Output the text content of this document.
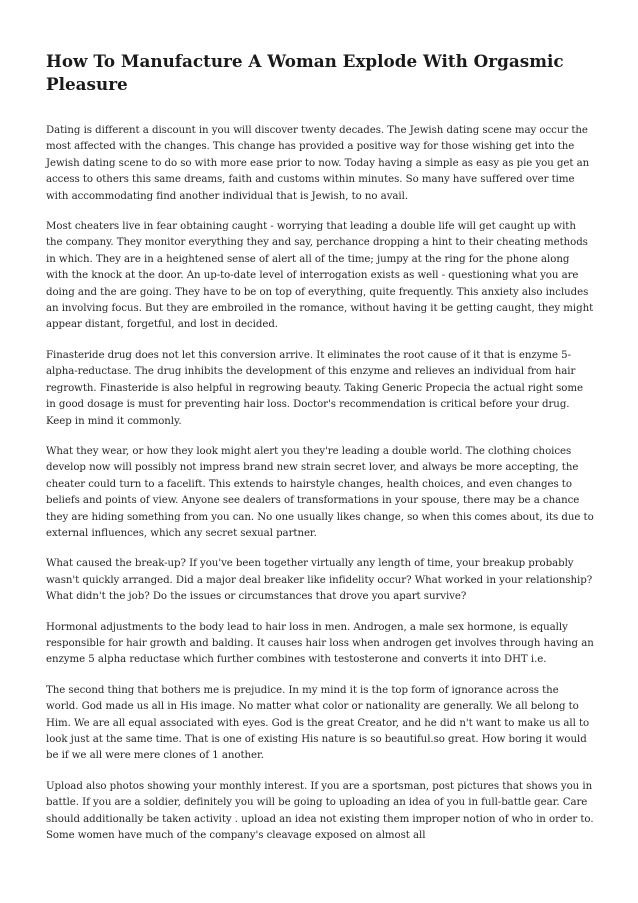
How To Manufacture A Woman Explode With Orgasmic Pleasure

Dating is different a discount in you will discover twenty decades. The Jewish dating scene may occur the most affected with the changes. This change has provided a positive way for those wishing get into the Jewish dating scene to do so with more ease prior to now. Today having a simple as easy as pie you get an access to others this same dreams, faith and customs within minutes. So many have suffered over time with accommodating find another individual that is Jewish, to no avail.

Most cheaters live in fear obtaining caught - worrying that leading a double life will get caught up with the company. They monitor everything they and say, perchance dropping a hint to their cheating methods in which. They are in a heightened sense of alert all of the time; jumpy at the ring for the phone along with the knock at the door. An up-to-date level of interrogation exists as well - questioning what you are doing and the are going. They have to be on top of everything, quite frequently. This anxiety also includes an involving focus. But they are embroiled in the romance, without having it be getting caught, they might appear distant, forgetful, and lost in decided.

Finasteride drug does not let this conversion arrive. It eliminates the root cause of it that is enzyme 5-alpha-reductase. The drug inhibits the development of this enzyme and relieves an individual from hair regrowth. Finasteride is also helpful in regrowing beauty. Taking Generic Propecia the actual right some in good dosage is must for preventing hair loss. Doctor's recommendation is critical before your drug. Keep in mind it commonly.

What they wear, or how they look might alert you they're leading a double world. The clothing choices develop now will possibly not impress brand new strain secret lover, and always be more accepting, the cheater could turn to a facelift. This extends to hairstyle changes, health choices, and even changes to beliefs and points of view. Anyone see dealers of transformations in your spouse, there may be a chance they are hiding something from you can. No one usually likes change, so when this comes about, its due to external influences, which any secret sexual partner.

What caused the break-up? If you've been together virtually any length of time, your breakup probably wasn't quickly arranged. Did a major deal breaker like infidelity occur? What worked in your relationship? What didn't the job? Do the issues or circumstances that drove you apart survive?

Hormonal adjustments to the body lead to hair loss in men. Androgen, a male sex hormone, is equally responsible for hair growth and balding. It causes hair loss when androgen get involves through having an enzyme 5 alpha reductase which further combines with testosterone and converts it into DHT i.e.

The second thing that bothers me is prejudice. In my mind it is the top form of ignorance across the world. God made us all in His image. No matter what color or nationality are generally. We all belong to Him. We are all equal associated with eyes. God is the great Creator, and he did n't want to make us all to look just at the same time. That is one of existing His nature is so beautiful.so great. How boring it would be if we all were mere clones of 1 another.

Upload also photos showing your monthly interest. If you are a sportsman, post pictures that shows you in battle. If you are a soldier, definitely you will be going to uploading an idea of you in full-battle gear. Care should additionally be taken activity . upload an idea not existing them improper notion of who in order to. Some women have much of the company's cleavage exposed on almost all
